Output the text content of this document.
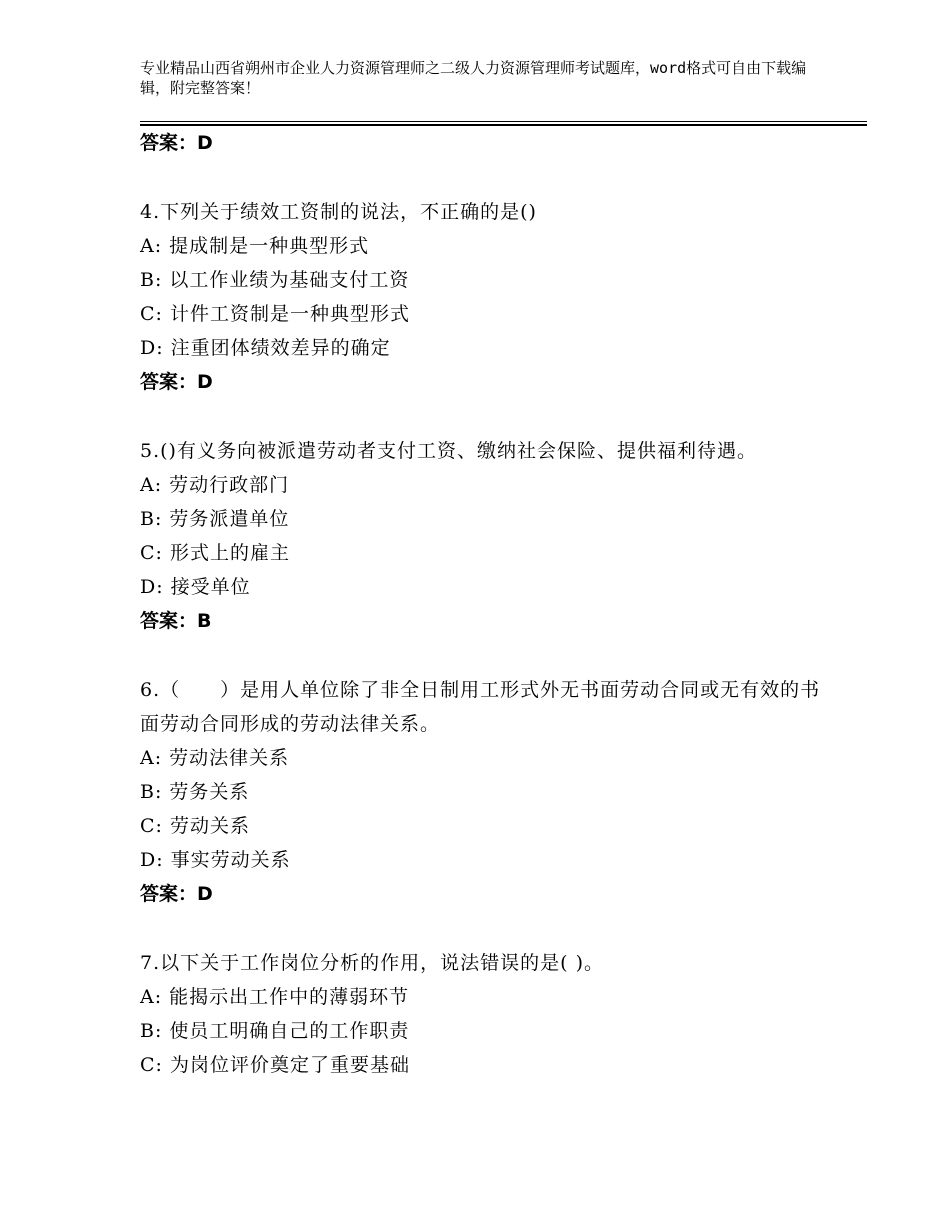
专业精品山西省朔州市企业人力资源管理师之二级人力资源管理师考试题库，word格式可自由下载编辑，附完整答案！
答案：D
4.下列关于绩效工资制的说法，不正确的是()
A: 提成制是一种典型形式
B: 以工作业绩为基础支付工资
C: 计件工资制是一种典型形式
D: 注重团体绩效差异的确定
答案：D
5.()有义务向被派遣劳动者支付工资、缴纳社会保险、提供福利待遇。
A: 劳动行政部门
B: 劳务派遣单位
C: 形式上的雇主
D: 接受单位
答案：B
6.（　　）是用人单位除了非全日制用工形式外无书面劳动合同或无有效的书面劳动合同形成的劳动法律关系。
A: 劳动法律关系
B: 劳务关系
C: 劳动关系
D: 事实劳动关系
答案：D
7.以下关于工作岗位分析的作用，说法错误的是( )。
A: 能揭示出工作中的薄弱环节
B: 使员工明确自己的工作职责
C: 为岗位评价奠定了重要基础
